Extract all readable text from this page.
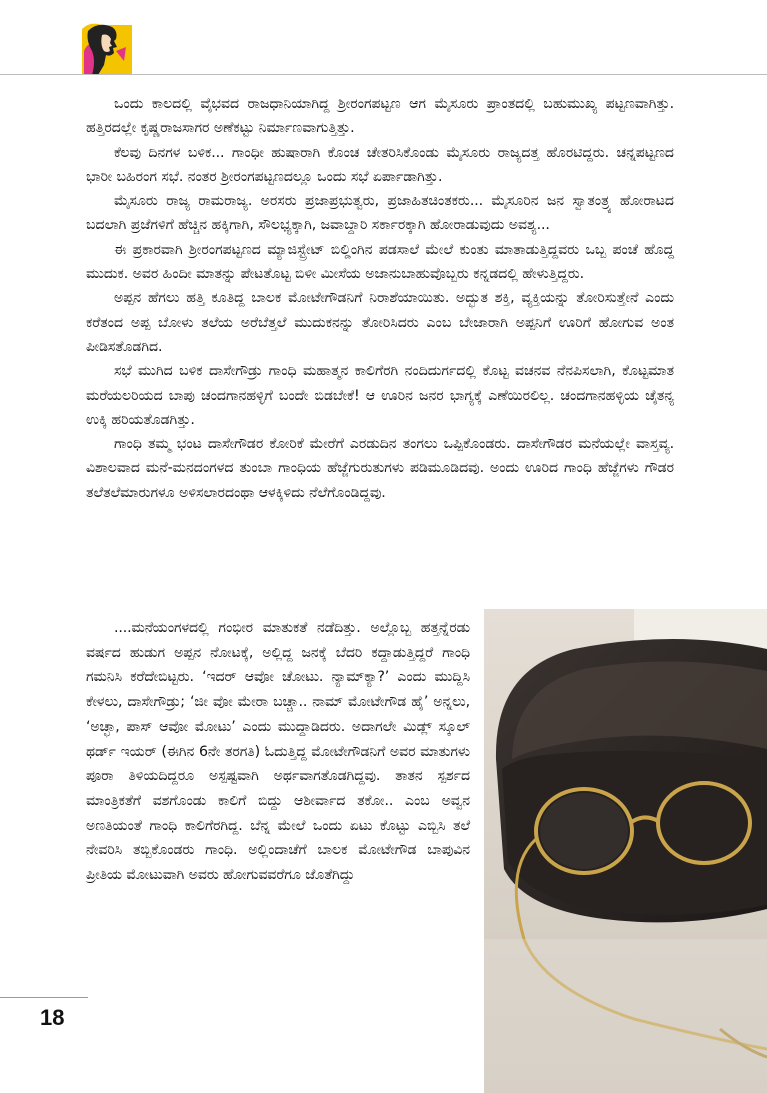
ಒಂದು ಕಾಲದಲ್ಲಿ ವೈಭವದ ರಾಜಧಾನಿಯಾಗಿದ್ದ ಶ್ರೀರಂಗಪಟ್ಟಣ ಆಗ ಮೈಸೂರು ಪ್ರಾಂತದಲ್ಲಿ ಬಹುಮುಖ್ಯ ಪಟ್ಟಣವಾಗಿತ್ತು. ಹತ್ತಿರದಲ್ಲೇ ಕೃಷ್ಣರಾಜಸಾಗರ ಅಣೆಕಟ್ಟು ನಿರ್ಮಾಣವಾಗುತ್ತಿತ್ತು.

ಕೆಲವು ದಿನಗಳ ಬಳಿಕ... ಗಾಂಧೀ ಹುಷಾರಾಗಿ ಕೊಂಚ ಚೇತರಿಸಿಕೊಂಡು ಮೈಸೂರು ರಾಜ್ಯದತ್ತ ಹೊರಟಿದ್ದರು. ಚನ್ನಪಟ್ಟಣದ ಭಾರೀ ಬಹಿರಂಗ ಸಭೆ. ನಂತರ ಶ್ರೀರಂಗಪಟ್ಟಣದಲ್ಲೂ ಒಂದು ಸಭೆ ಏರ್ಪಾಡಾಗಿತ್ತು.

ಮೈಸೂರು ರಾಜ್ಯ ರಾಮರಾಜ್ಯ. ಅರಸರು ಪ್ರಜಾಪ್ರಭುತ್ವರು, ಪ್ರಜಾಹಿತಚಿಂತಕರು... ಮೈಸೂರಿನ ಜನ ಸ್ವಾತಂತ್ರ್ಯ ಹೋರಾಟದ ಬದಲಾಗಿ ಪ್ರಜೆಗಳಿಗೆ ಹೆಚ್ಚಿನ ಹಕ್ಕಿಗಾಗಿ, ಸೌಲಭ್ಯಕ್ಕಾಗಿ, ಜವಾಬ್ದಾರಿ ಸರ್ಕಾರಕ್ಕಾಗಿ ಹೋರಾಡುವುದು ಅವಶ್ಯ...

ಈ ಪ್ರಕಾರವಾಗಿ ಶ್ರೀರಂಗಪಟ್ಟಣದ ಮ್ಯಾಜಿಸ್ಟ್ರೇಟ್ ಬಿಲ್ಡಿಂಗಿನ ಪಡಸಾಲೆ ಮೇಲೆ ಕುಂತು ಮಾತಾಡುತ್ತಿದ್ದವರು ಒಬ್ಬ ಪಂಚೆ ಹೊದ್ದ ಮುದುಕ. ಅವರ ಹಿಂದೀ ಮಾತನ್ನು ಪೇಟತೊಟ್ಟ ಬಿಳೀ ಮೀಸೆಯ ಅಜಾನುಬಾಹುವೊಬ್ಬರು ಕನ್ನಡದಲ್ಲಿ ಹೇಳುತ್ತಿದ್ದರು.

ಅಪ್ಪನ ಹೆಗಲು ಹತ್ತಿ ಕೂತಿದ್ದ ಬಾಲಕ ಮೋಟೇಗೌಡನಿಗೆ ನಿರಾಶೆಯಾಯಿತು. ಅದ್ಭುತ ಶಕ್ತಿ, ವ್ಯಕ್ತಿಯನ್ನು ತೋರಿಸುತ್ತೇನೆ ಎಂದು ಕರೆತಂದ ಅಪ್ಪ ಬೋಳು ತಲೆಯ ಅರೆಬೆತ್ತಲೆ ಮುದುಕನನ್ನು ತೋರಿಸಿದರು ಎಂಬ ಬೇಜಾರಾಗಿ ಅಪ್ಪನಿಗೆ ಊರಿಗೆ ಹೋಗುವ ಅಂತ ಪೀಡಿಸತೊಡಗಿದ.

ಸಭೆ ಮುಗಿದ ಬಳಿಕ ದಾಸೇಗೌಡ್ರು ಗಾಂಧಿ ಮಹಾತ್ಮನ ಕಾಲಿಗೆರಗಿ ನಂದಿದುರ್ಗದಲ್ಲಿ ಕೊಟ್ಟ ವಚನವ ನೆನಪಿಸಲಾಗಿ, ಕೊಟ್ಟಮಾತ ಮರೆಯಲರಿಯದ ಬಾಪು ಚಂದಗಾನಹಳ್ಳಿಗೆ ಬಂದೇ ಬಿಡಬೇಕೆ! ಆ ಊರಿನ ಜನರ ಭಾಗ್ಯಕ್ಕೆ ಎಣೆಯಿರಲಿಲ್ಲ. ಚಂದಗಾನಹಳ್ಳಿಯ ಚೈತನ್ಯ ಉಕ್ಕಿ ಹರಿಯತೊಡಗಿತ್ತು.

ಗಾಂಧಿ ತಮ್ಮ ಭಂಟ ದಾಸೇಗೌಡರ ಕೋರಿಕೆ ಮೇರೆಗೆ ಎರಡುದಿನ ತಂಗಲು ಒಪ್ಪಿಕೊಂಡರು. ದಾಸೇಗೌಡರ ಮನೆಯಲ್ಲೇ ವಾಸ್ತವ್ಯ. ವಿಶಾಲವಾದ ಮನೆ-ಮನದಂಗಳದ ತುಂಬಾ ಗಾಂಧಿಯ ಹೆಜ್ಜೆಗುರುತುಗಳು ಪಡಿಮೂಡಿದವು. ಅಂದು ಊರಿದ ಗಾಂಧಿ ಹೆಜ್ಜೆಗಳು ಗೌಡರ ತಲೆತಲೆಮಾರುಗಳೂ ಅಳಿಸಲಾರದಂಥಾ ಆಳಕ್ಕಿಳಿದು ನೆಲೆಗೊಂಡಿದ್ದವು.

....ಮನೆಯಂಗಳದಲ್ಲಿ ಗಂಭೀರ ಮಾತುಕತೆ ನಡೆದಿತ್ತು. ಅಲ್ಲೊಬ್ಬ ಹತ್ತನ್ನೆರಡು ವರ್ಷದ ಹುಡುಗ ಅಪ್ಪನ ನೋಟಕ್ಕೆ, ಅಲ್ಲಿದ್ದ ಜನಕ್ಕೆ ಬೆದರಿ ಕದ್ದಾಡುತ್ತಿದ್ದರೆ ಗಾಂಧಿ ಗಮನಿಸಿ ಕರೆದೇಬಿಟ್ಟರು. ‘ಇದರ್ ಆವೋ ಚೋಟು. ನ್ಯಾಮ್‌ಕ್ಯಾ?’ ಎಂದು ಮುದ್ದಿಸಿ ಕೇಳಲು, ದಾಸೇಗೌಡ್ರು; ‘ಜೀ ವೋ ಮೇರಾ ಬಚ್ಚಾ.. ನಾಮ್ ಮೋಟೇಗೌಡ ಹೈ’ ಅನ್ನಲು, ‘ಅಚ್ಛಾ, ಪಾಸ್ ಆವೋ ಮೋಟು’ ಎಂದು ಮುದ್ದಾಡಿದರು. ಅದಾಗಲೇ ಮಿಡ್ಲ್ ಸ್ಕೂಲ್ ಥರ್ಡ್ ಇಯರ್ (ಈಗಿನ 6ನೇ ತರಗತಿ) ಓದುತ್ತಿದ್ದ ಮೋಟೇಗೌಡನಿಗೆ ಅವರ ಮಾತುಗಳು ಪೂರಾ ತಿಳಿಯದಿದ್ದರೂ ಅಸ್ಪಷ್ಟವಾಗಿ ಅರ್ಥವಾಗತೊಡಗಿದ್ದವು. ತಾತನ ಸ್ಪರ್ಶದ ಮಾಂತ್ರಿಕತೆಗೆ ವಶಗೊಂಡು ಕಾಲಿಗೆ ಬಿದ್ದು ಆಶೀರ್ವಾದ ತಕೋ.. ಎಂಬ ಅವ್ವನ ಅಣತಿಯಂತೆ ಗಾಂಧಿ ಕಾಲಿಗೆರಗಿದ್ದ. ಬೆನ್ನ ಮೇಲೆ ಒಂದು ಏಟು ಕೊಟ್ಟು ಎಬ್ಬಿಸಿ ತಲೆ ನೇವರಿಸಿ ತಬ್ಬಿಕೊಂಡರು ಗಾಂಧಿ. ಅಲ್ಲಿಂದಾಚೆಗೆ ಬಾಲಕ ಮೋಟೇಗೌಡ ಬಾಪುವಿನ ಪ್ರೀತಿಯ ಮೋಟುವಾಗಿ ಅವರು ಹೋಗುವವರೆಗೂ ಜೊತೆಗಿದ್ದು

18
